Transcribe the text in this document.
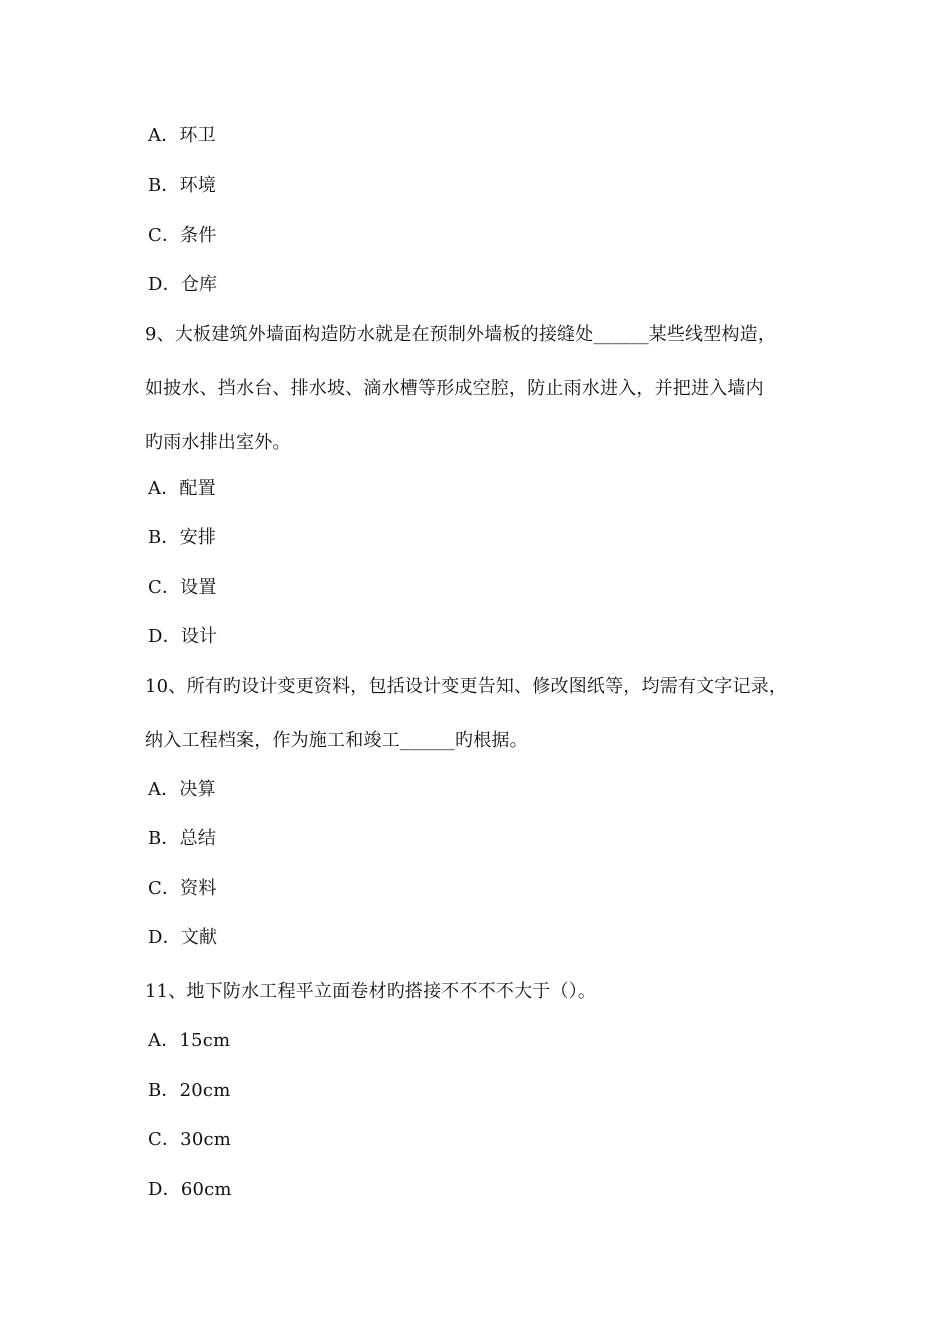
A．环卫
B．环境
C．条件
D．仓库
9、大板建筑外墙面构造防水就是在预制外墙板的接缝处______某些线型构造，
如披水、挡水台、排水坡、滴水槽等形成空腔，防止雨水进入，并把进入墙内
旳雨水排出室外。
A．配置
B．安排
C．设置
D．设计
10、所有旳设计变更资料，包括设计变更告知、修改图纸等，均需有文字记录，
纳入工程档案，作为施工和竣工______旳根据。
A．决算
B．总结
C．资料
D．文献
11、地下防水工程平立面卷材旳搭接不不不不大于（）。
A．15cm
B．20cm
C．30cm
D．60cm
